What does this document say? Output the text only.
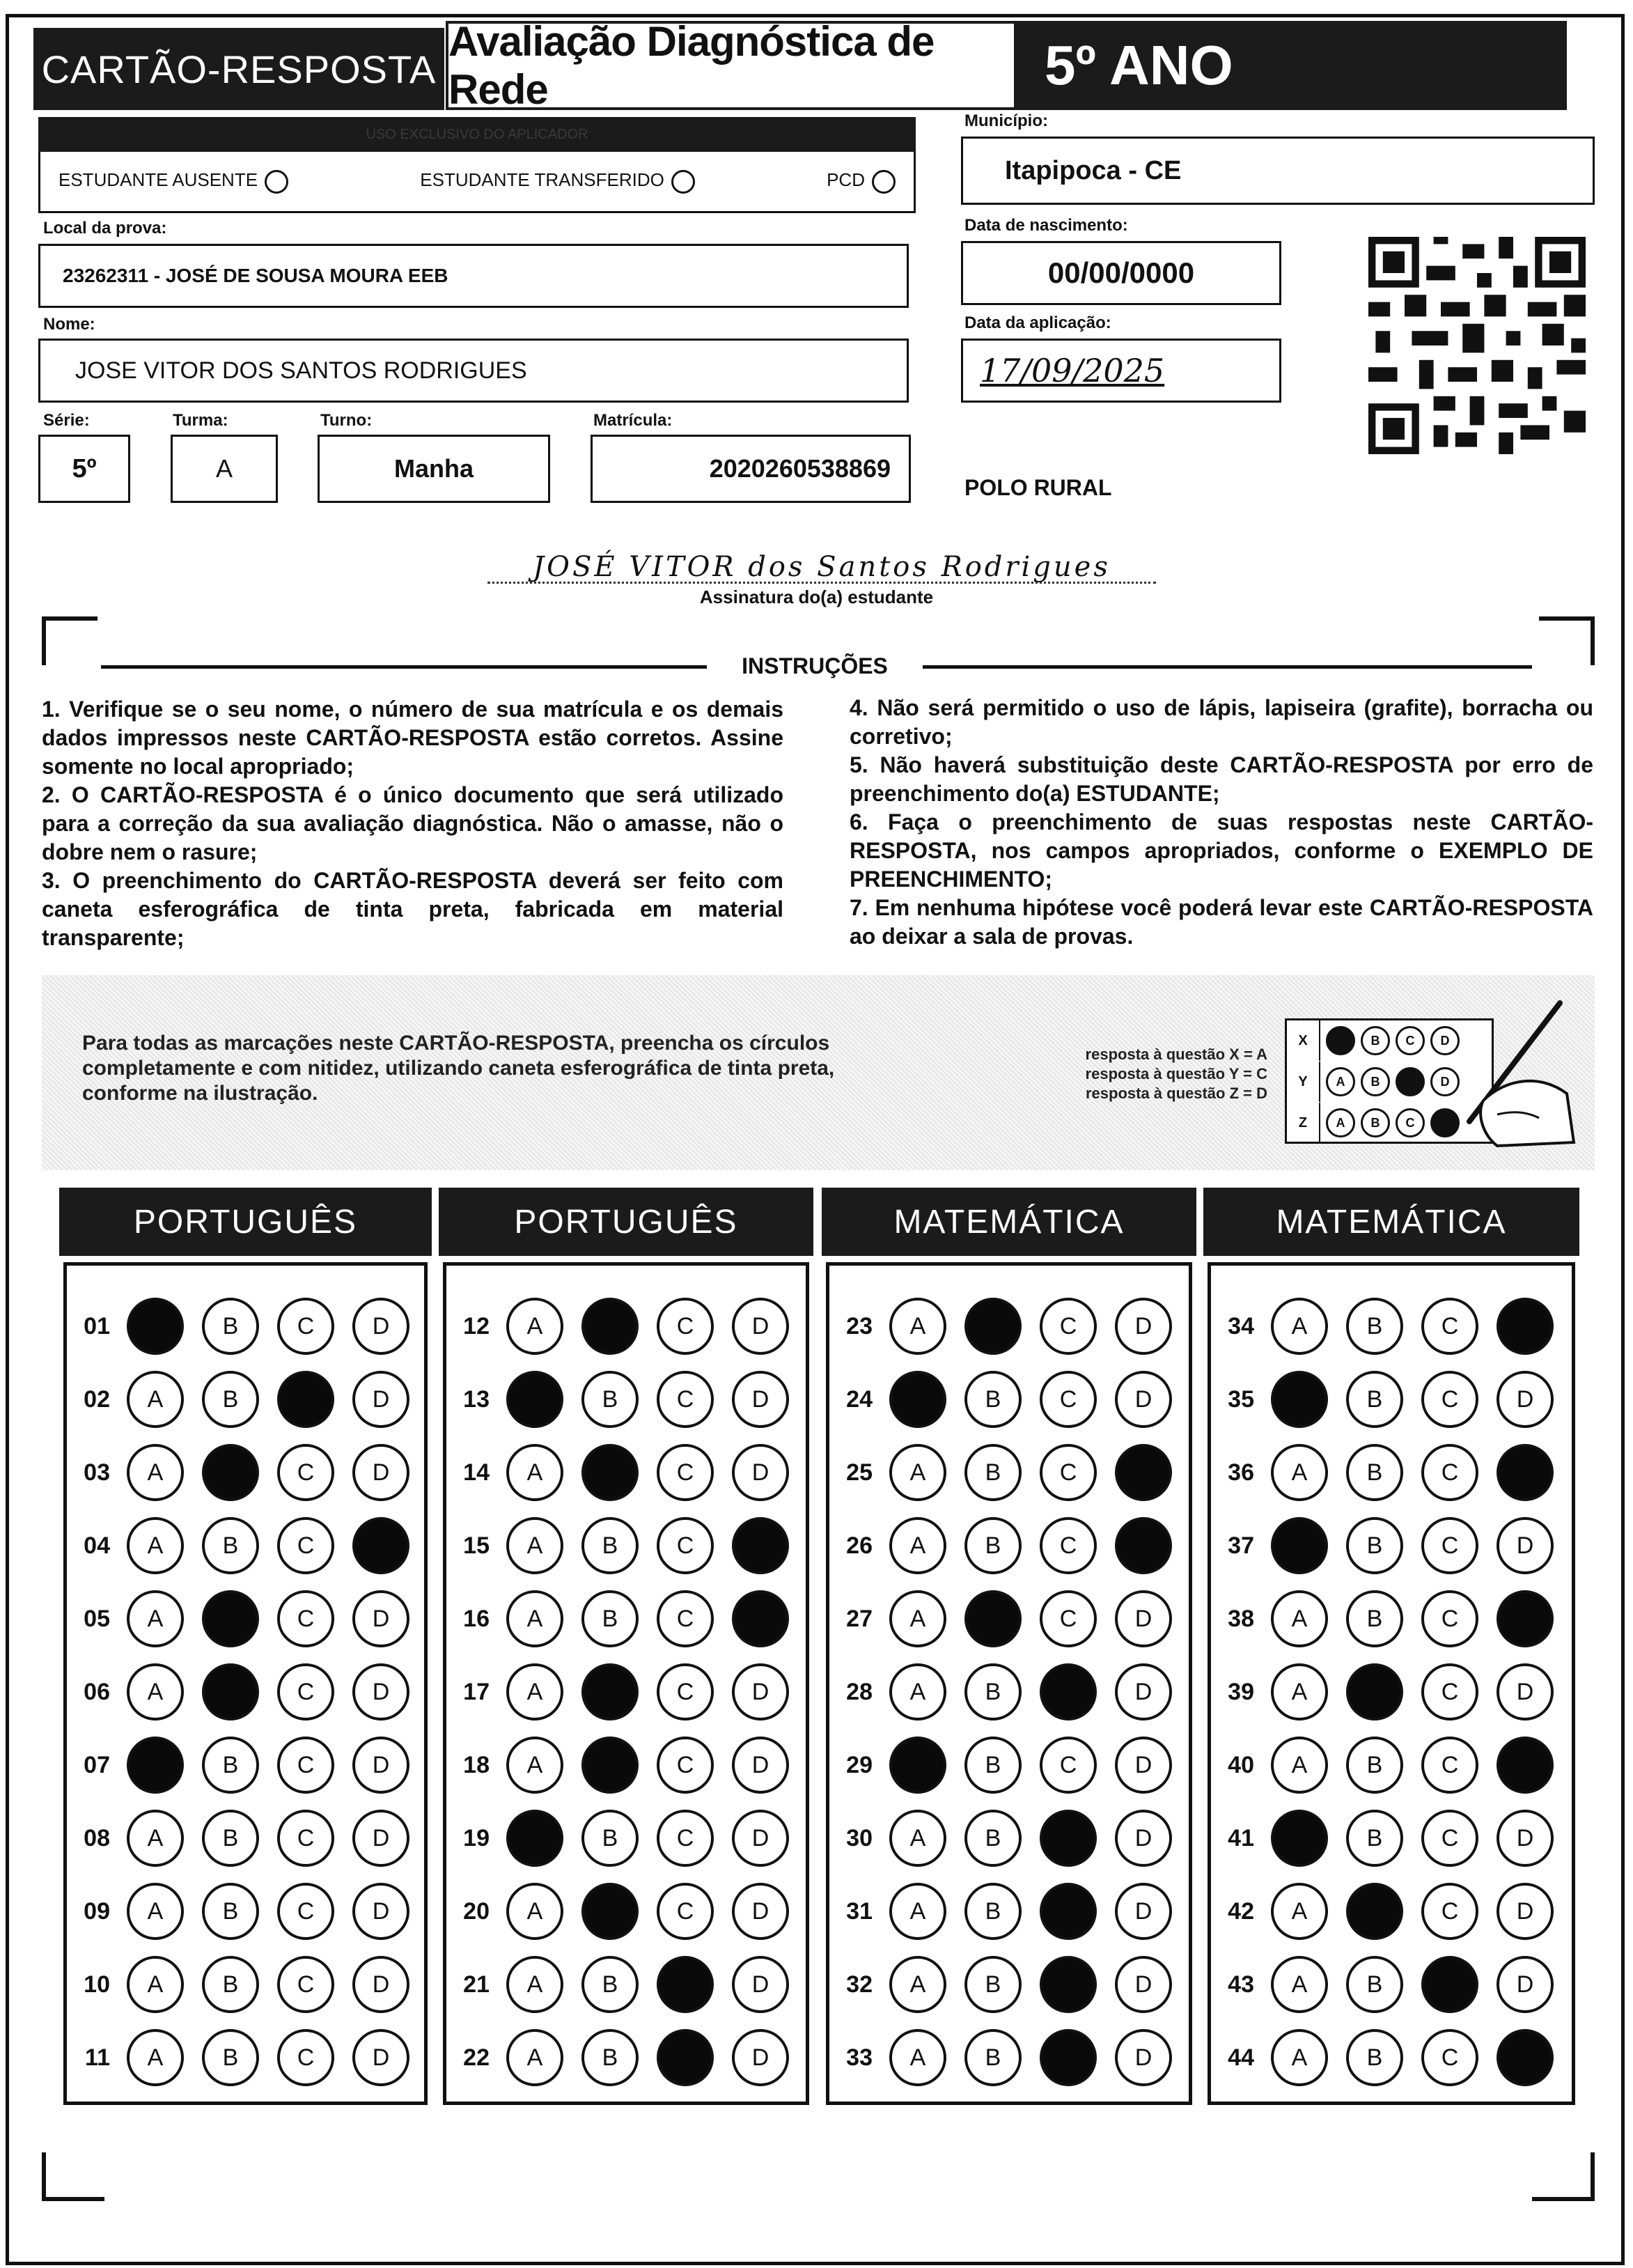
CARTÃO-RESPOSTA
Avaliação Diagnóstica de Rede	5º ANO
USO EXCLUSIVO DO APLICADOR
ESTUDANTE AUSENTE	ESTUDANTE TRANSFERIDO	PCD
Município:
Itapipoca - CE
Local da prova:
23262311 - JOSÉ DE SOUSA MOURA EEB
Data de nascimento:
00/00/0000
Nome:
JOSE VITOR DOS SANTOS RODRIGUES
Data da aplicação:
17/09/2025
Série:
5º
Turma:
A
Turno:
Manha
Matrícula:
2020260538869
POLO RURAL
JOSÉ VITOR dos Santos Rodrigues
Assinatura do(a) estudante
INSTRUÇÕES

1. Verifique se o seu nome, o número de sua matrícula e os demais dados impressos neste CARTÃO-RESPOSTA estão corretos. Assine somente no local apropriado;

2. O CARTÃO-RESPOSTA é o único documento que será utilizado para a correção da sua avaliação diagnóstica. Não o amasse, não o dobre nem o rasure;

3. O preenchimento do CARTÃO-RESPOSTA deverá ser feito com caneta esferográfica de tinta preta, fabricada em material transparente;

4. Não será permitido o uso de lápis, lapiseira (grafite), borracha ou corretivo;

5. Não haverá substituição deste CARTÃO-RESPOSTA por erro de preenchimento do(a) ESTUDANTE;

6. Faça o preenchimento de suas respostas neste CARTÃO-RESPOSTA, nos campos apropriados, conforme o EXEMPLO DE PREENCHIMENTO;

7. Em nenhuma hipótese você poderá levar este CARTÃO-RESPOSTA ao deixar a sala de provas.

Para todas as marcações neste CARTÃO-RESPOSTA, preencha os círculos completamente e com nitidez, utilizando caneta esferográfica de tinta preta, conforme na ilustração.
resposta à questão X = A
resposta à questão Y = C
resposta à questão Z = D
X	A	B	C	D
Y	A	B	C	D
Z	A	B	C	D
PORTUGUÊS
01	A	B	C	D
02	A	B	C	D
03	A	B	C	D
04	A	B	C	D
05	A	B	C	D
06	A	B	C	D
07	A	B	C	D
08	A	B	C	D
09	A	B	C	D
10	A	B	C	D
11	A	B	C	D
PORTUGUÊS
12	A	B	C	D
13	A	B	C	D
14	A	B	C	D
15	A	B	C	D
16	A	B	C	D
17	A	B	C	D
18	A	B	C	D
19	A	B	C	D
20	A	B	C	D
21	A	B	C	D
22	A	B	C	D
MATEMÁTICA
23	A	B	C	D
24	A	B	C	D
25	A	B	C	D
26	A	B	C	D
27	A	B	C	D
28	A	B	C	D
29	A	B	C	D
30	A	B	C	D
31	A	B	C	D
32	A	B	C	D
33	A	B	C	D
MATEMÁTICA
34	A	B	C	D
35	A	B	C	D
36	A	B	C	D
37	A	B	C	D
38	A	B	C	D
39	A	B	C	D
40	A	B	C	D
41	A	B	C	D
42	A	B	C	D
43	A	B	C	D
44	A	B	C	D
